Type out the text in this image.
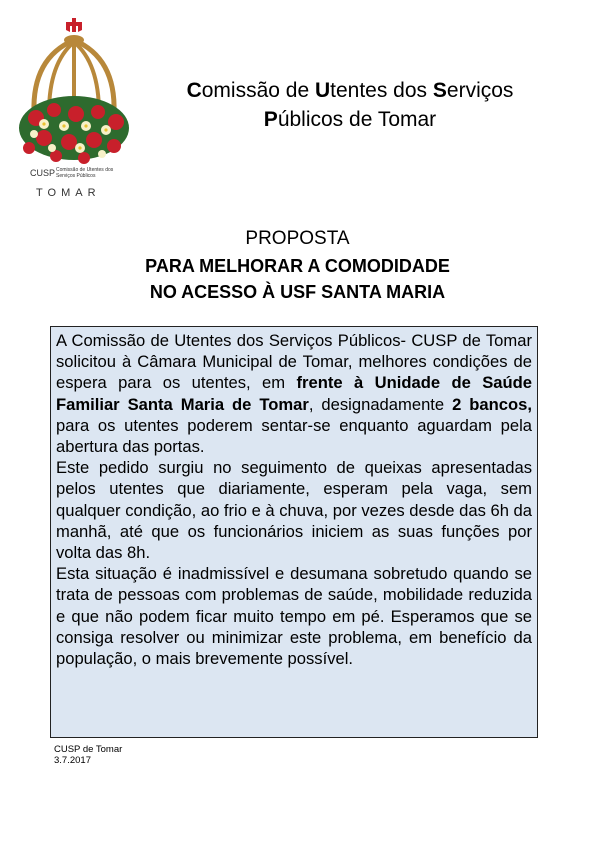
CUSP Comissão de Utentes dos Serviços Públicos
TOMAR
Comissão de Utentes dos Serviços
Públicos de Tomar
PROPOSTA
PARA MELHORAR A COMODIDADE
NO ACESSO À USF SANTA MARIA

A Comissão de Utentes dos Serviços Públicos- CUSP de Tomar solicitou à Câmara Municipal de Tomar, melhores condições de espera para os utentes, em frente à Unidade de Saúde Familiar Santa Maria de Tomar, designadamente 2 bancos, para os utentes poderem sentar-se enquanto aguardam pela abertura das portas.

Este pedido surgiu no seguimento de queixas apresentadas pelos utentes que diariamente, esperam pela vaga, sem qualquer condição, ao frio e à chuva, por vezes desde das 6h da manhã, até que os funcionários iniciem as suas funções por volta das 8h.

Esta situação é inadmissível e desumana sobretudo quando se trata de pessoas com problemas de saúde, mobilidade reduzida e que não podem ficar muito tempo em pé. Esperamos que se consiga resolver ou minimizar este problema, em benefício da população, o mais brevemente possível.

CUSP de Tomar
3.7.2017
